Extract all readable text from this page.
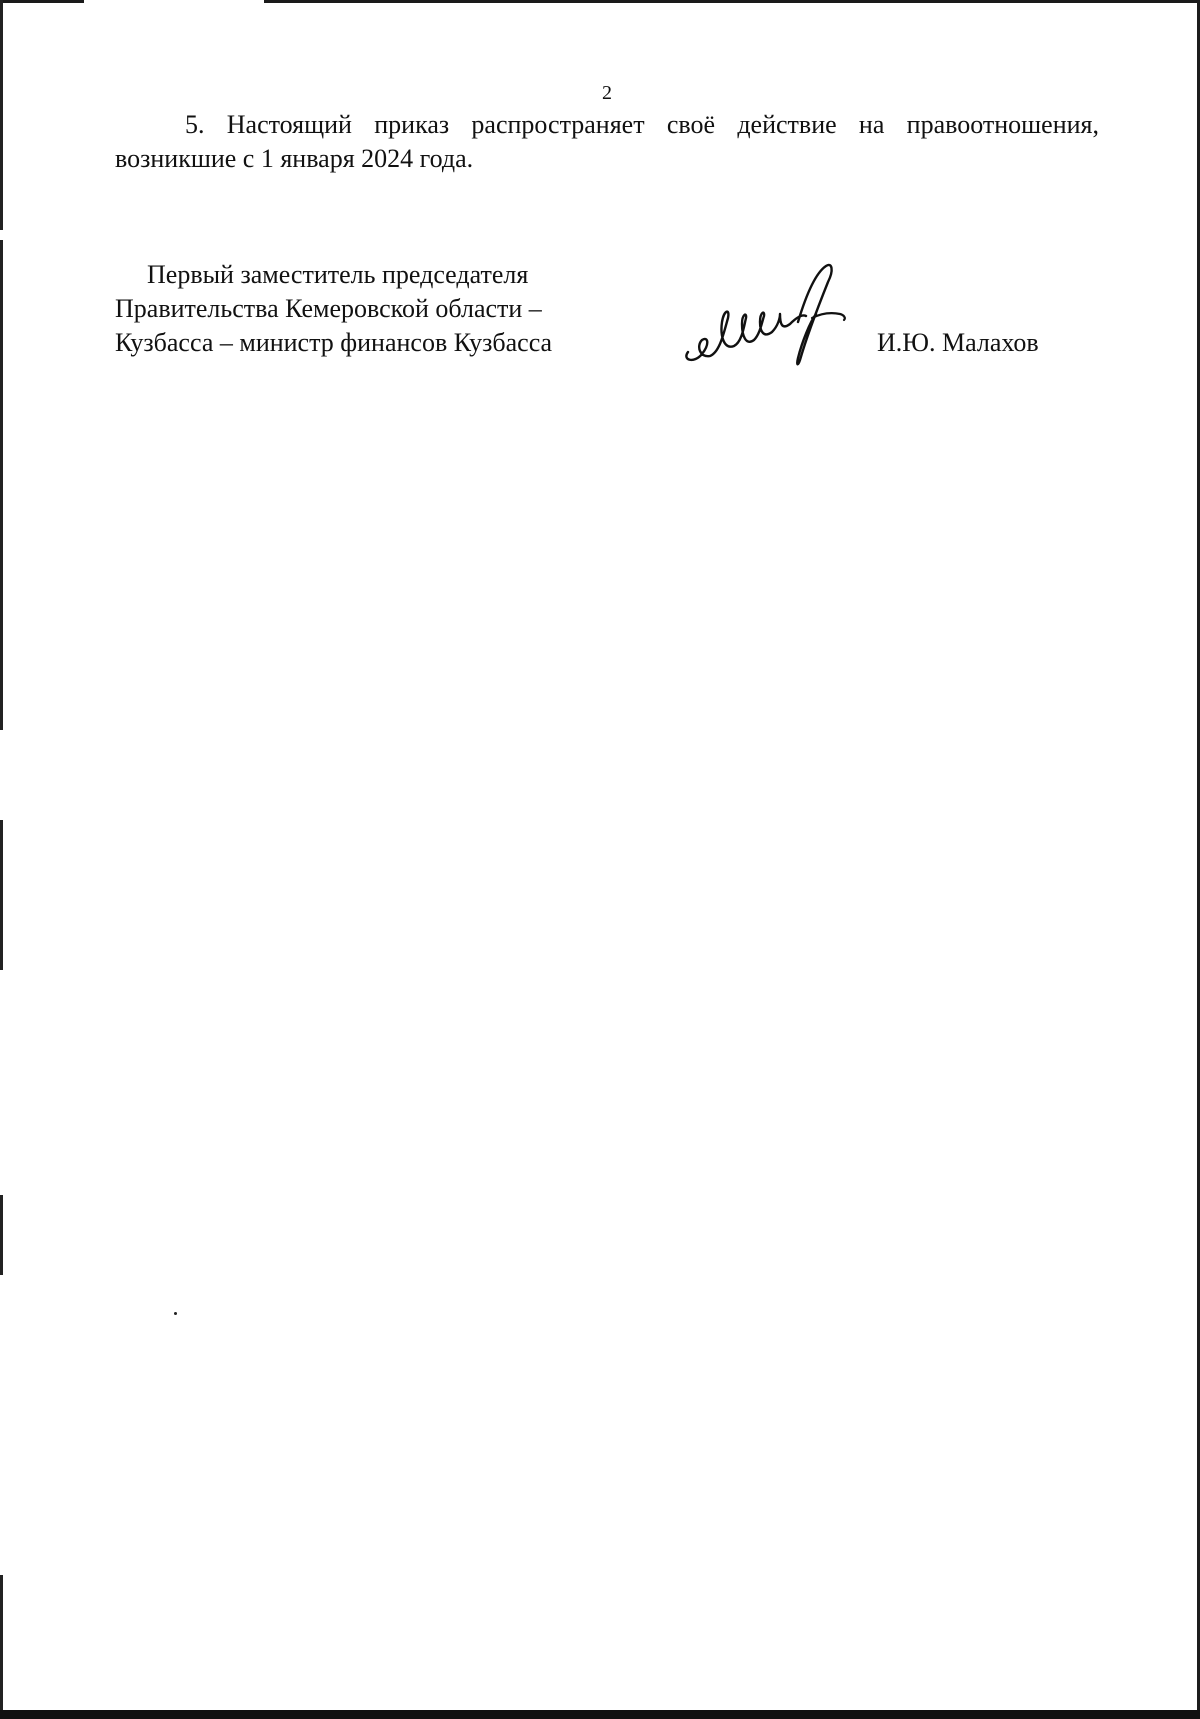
2
5. Настоящий приказ распространяет своё действие на правоотношения,
возникшие с 1 января 2024 года.
Первый заместитель председателя
Правительства Кемеровской области –
Кузбасса – министр финансов Кузбасса	И.Ю. Малахов
